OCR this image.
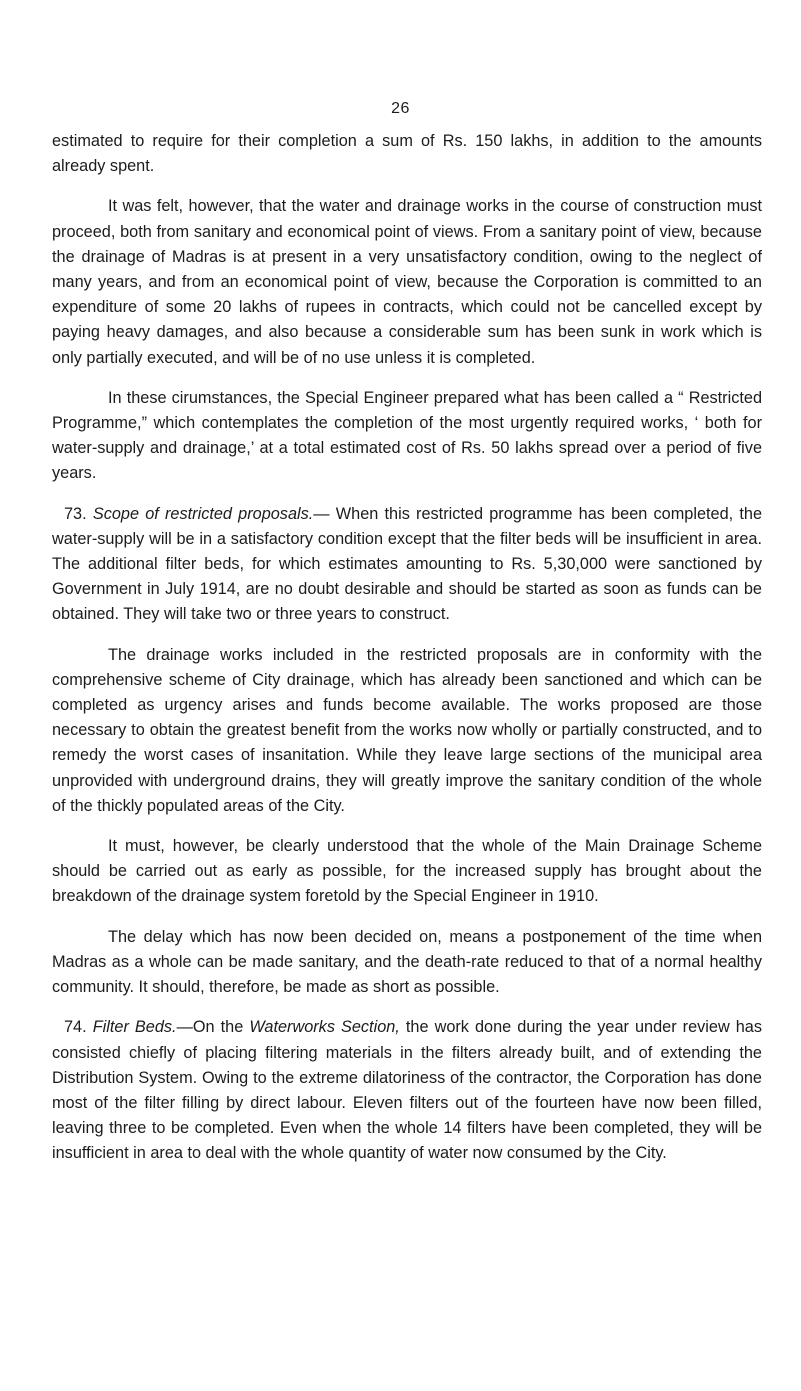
26

estimated to require for their completion a sum of Rs. 150 lakhs, in addition to the amounts already spent.

It was felt, however, that the water and drainage works in the course of construction must proceed, both from sanitary and economical point of views. From a sanitary point of view, because the drainage of Madras is at present in a very unsatisfactory condition, owing to the neglect of many years, and from an economical point of view, because the Corporation is committed to an expenditure of some 20 lakhs of rupees in contracts, which could not be cancelled except by paying heavy damages, and also because a considerable sum has been sunk in work which is only partially executed, and will be of no use unless it is completed.

In these cirumstances, the Special Engineer prepared what has been called a “ Restricted Programme,” which contemplates the completion of the most urgently required works, ‘ both for water-supply and drainage,’ at a total estimated cost of Rs. 50 lakhs spread over a period of five years.

73. Scope of restricted proposals.— When this restricted programme has been completed, the water-supply will be in a satisfactory condition except that the filter beds will be insufficient in area. The additional filter beds, for which estimates amounting to Rs. 5,30,000 were sanctioned by Government in July 1914, are no doubt desirable and should be started as soon as funds can be obtained. They will take two or three years to construct.

The drainage works included in the restricted proposals are in conformity with the comprehensive scheme of City drainage, which has already been sanctioned and which can be completed as urgency arises and funds become available. The works proposed are those necessary to obtain the greatest benefit from the works now wholly or partially constructed, and to remedy the worst cases of insanitation. While they leave large sections of the municipal area unprovided with underground drains, they will greatly improve the sanitary condition of the whole of the thickly populated areas of the City.

It must, however, be clearly understood that the whole of the Main Drainage Scheme should be carried out as early as possible, for the increased supply has brought about the breakdown of the drainage system foretold by the Special Engineer in 1910.

The delay which has now been decided on, means a postponement of the time when Madras as a whole can be made sanitary, and the death-rate reduced to that of a normal healthy community. It should, therefore, be made as short as possible.

74. Filter Beds.—On the Waterworks Section, the work done during the year under review has consisted chiefly of placing filtering materials in the filters already built, and of extending the Distribution System. Owing to the extreme dilatoriness of the contractor, the Corporation has done most of the filter filling by direct labour. Eleven filters out of the fourteen have now been filled, leaving three to be completed. Even when the whole 14 filters have been completed, they will be insufficient in area to deal with the whole quantity of water now consumed by the City.
